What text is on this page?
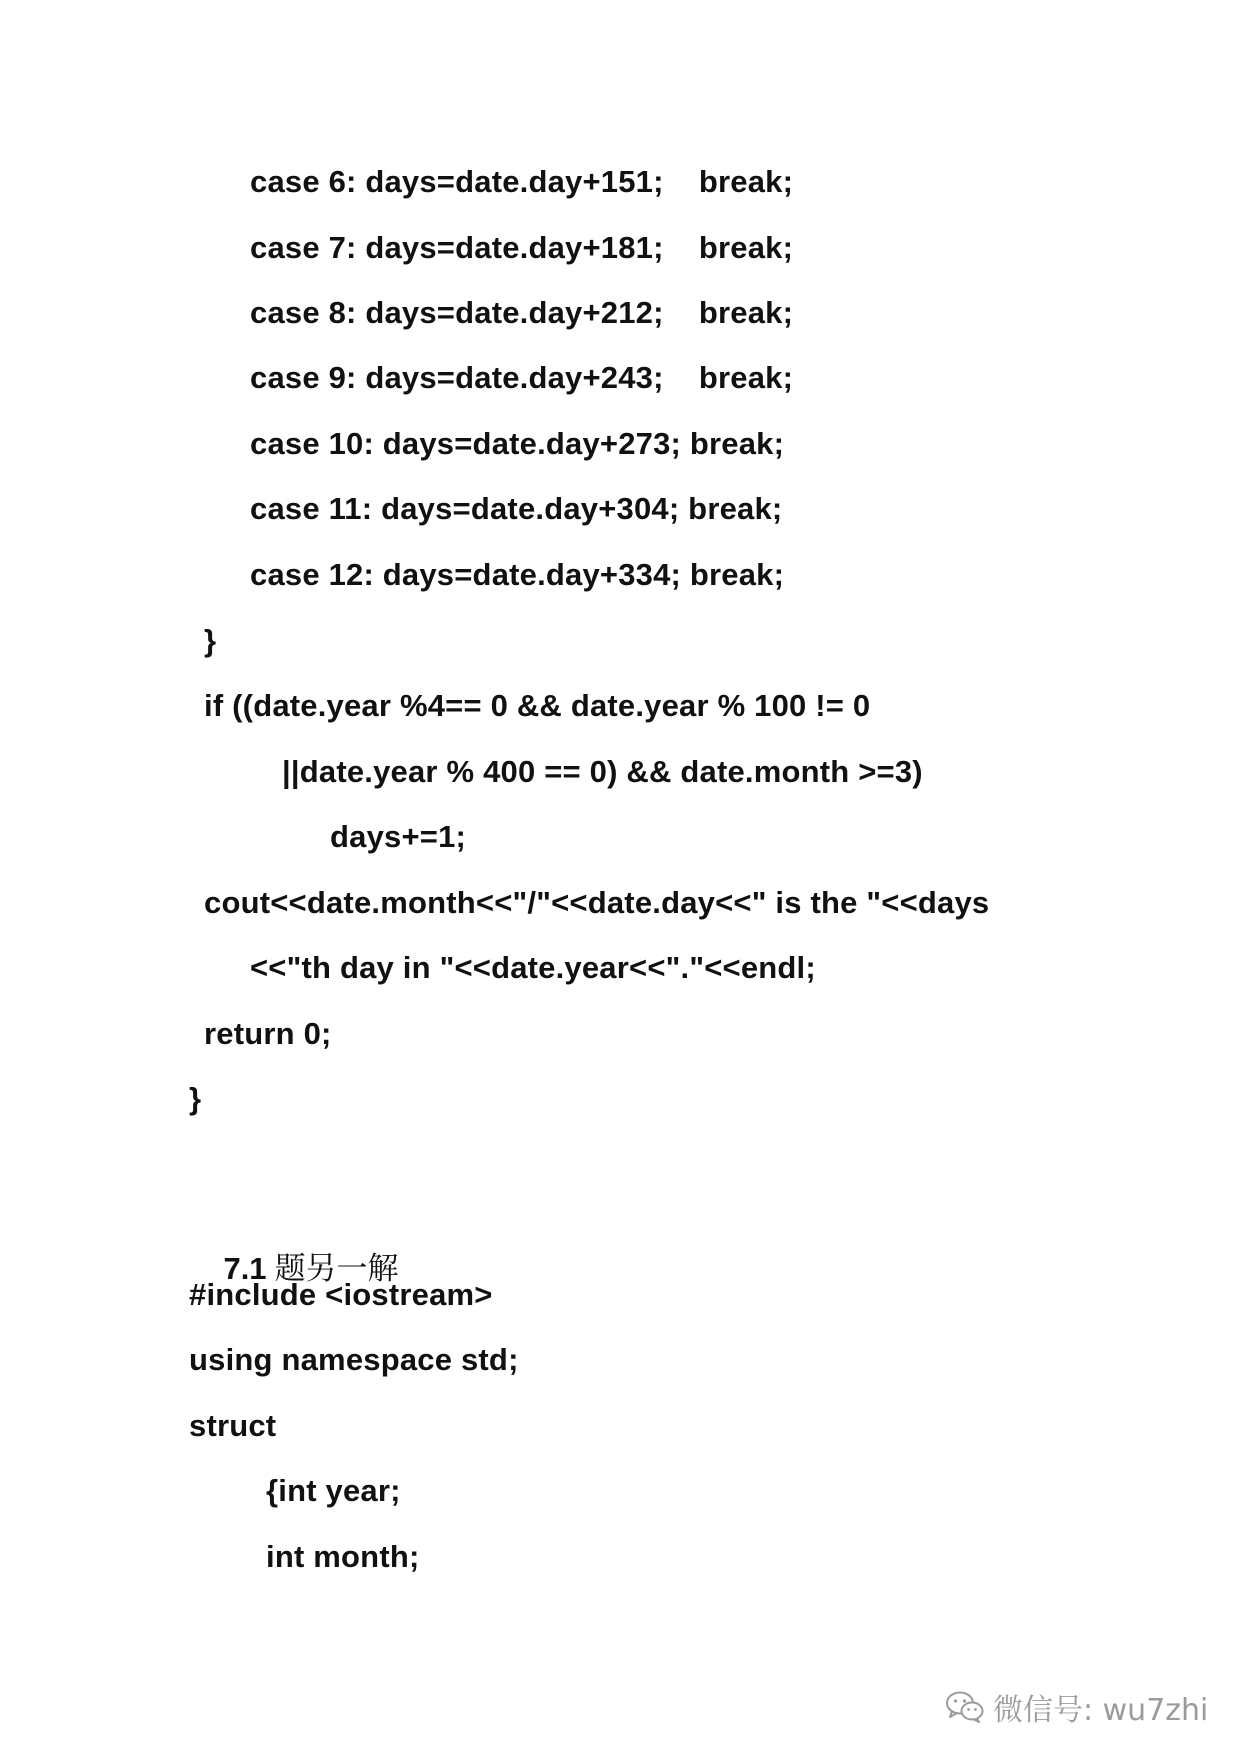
case 6: days=date.day+151;    break;
case 7: days=date.day+181;    break;
case 8: days=date.day+212;    break;
case 9: days=date.day+243;    break;
case 10: days=date.day+273; break;
case 11: days=date.day+304; break;
case 12: days=date.day+334; break;
}
if ((date.year %4== 0 && date.year % 100 != 0
||date.year % 400 == 0) && date.month >=3)
days+=1;
cout<<date.month<<"/"<<date.day<<" is the "<<days
<<"th day in "<<date.year<<"."<<endl;
return 0;
}

7.1 题另一解

#include <iostream>
using namespace std;
struct
{int year;
int month;
微信号: wu7zhi
